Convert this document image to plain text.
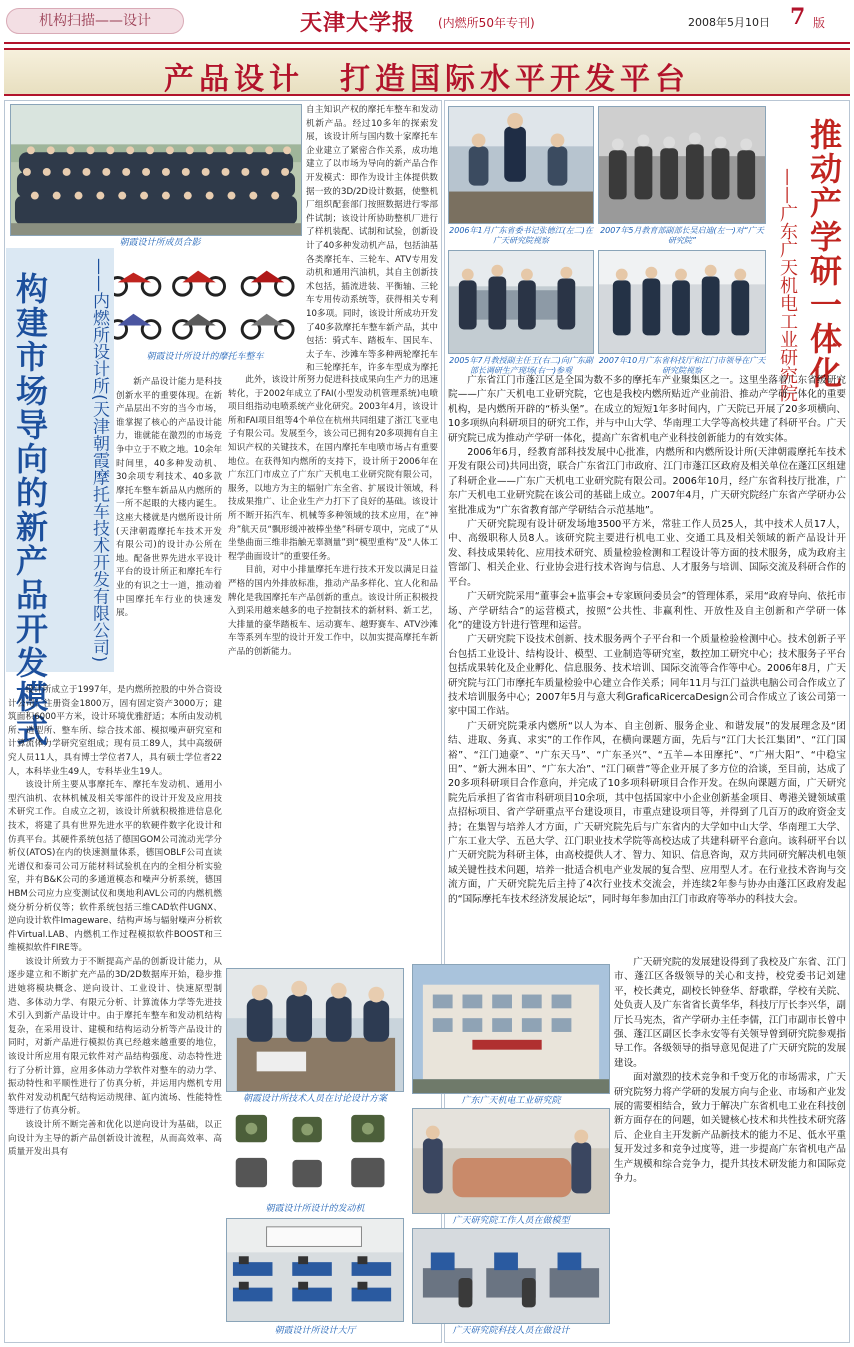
机构扫描——设计	天津大学报 (内燃所50年专刊)	2008年5月10日 7 版
产品设计 打造国际水平开发平台
朝霞设计所成员合影
朝霞设计所设计的摩托车整车
构建市场导向的新产品开发模式	——内燃所设计所(天津朝霞摩托车技术开发有限公司)	新产品设计能力是科技创新水平的重要体现。在新产品层出不穷的当今市场，谁掌握了核心的产品设计能力，谁就能在激烈的市场竞争中立于不败之地。10余年时间里，40多种发动机、30余项专利技术、40多款摩托车整车新品从内燃所的一所不起眼的大楼内诞生。这座大楼就是内燃所设计所(天津朝霞摩托车技术开发有限公司)的设计办公所在地。配备世界先进水平设计平台的设计所正和摩托车行业的有识之士一道，推动着中国摩托车行业的快速发展。

设计所成立于1997年，是内燃所控股的中外合资设计公司；注册资金1800万，固有固定资产3000万；建筑面积6000平方米，设计环境优雅舒适；本所由发动机所、造型所、整车所、综合技术部、模拟噪声研究室和计算流体力学研究室组成；现有员工89人，其中高级研究人员11人，具有博士学位者7人，具有硕士学位者22人，本科毕业生49人，专科毕业生19人。

该设计所主要从事摩托车、摩托车发动机、通用小型汽油机、农林机械及相关零部件的设计开发及应用技术研究工作。自成立之初，该设计所就积极推进信息化技术，将建了具有世界先进水平的软硬件数字化设计和仿真平台。其硬件系统包括了德国GOM公司流动光学分析仪(ATOS)在内的快速测量体系，德国OBLF公司直读光谱仪和泰司公司万能材料试验机在内的全相分析实验室，并有B&K公司的多通道模态和噪声分析系统，德国HBM公司应力应变测试仪和奥地利AVL公司的内燃机燃烧分析分析仪等；软件系统包括三维CAD软件UGNX、逆向设计软件Imageware、结构声场与辐射噪声分析软件Virtual.LAB、内燃机工作过程模拟软件BOOST和三维模拟软件FIRE等。

该设计所致力于不断提高产品的创新设计能力，从逐步建立和不断扩充产品的3D/2D数据库开始，稳步推进她将模块概念、逆向设计、工业设计、快速原型制造、多体动力学、有限元分析、计算流体力学等先进技术引入到新产品设计中。由于摩托车整车和发动机结构复杂，在采用设计、建模和结构运动分析等产品设计的同时，对新产品进行模拟仿真已经越来越重要的地位，该设计所应用有限元软件对产品结构强度、动态特性进行了分析计算，应用多体动力学软件对整车的动力学、振动特性和平顺性进行了仿真分析，并运用内燃机专用软件对发动机配气结构运动规律、缸内流场、性能特性等进行了仿真分析。

该设计所不断完善和优化以逆向设计为基础，以正向设计为主导的新产品创新设计流程，从而高效率、高质量开发出具有

自主知识产权的摩托车整车和发动机新产品。经过10多年的探索发展，该设计所与国内数十家摩托车企业建立了紧密合作关系，成功地建立了以市场为导向的新产品合作开发模式：即作为设计主体提供数据一致的3D/2D设计数据，使整机厂组织配套部门按照数据进行零部件试制；该设计所协助整机厂进行了样机装配、试制和试验，创新设计了40多种发动机产品，包括油基各类摩托车、三轮车、ATV专用发动机和通用汽油机，其自主创新技术包括，插流进装、平衡轴、三轮车专用传动系统等，获得相关专利10多项。同时，该设计所成功开发了40多款摩托车整车新产品，其中包括：骑式车、踏板车、国民车、太子车、沙滩车等多种两轮摩托车和三轮摩托车，许多车型成为摩托

此外，该设计所努力促进科技成果向生产力的迅速转化，于2002年成立了FAI(小型发动机管理系统)电喷项目组指动电喷系统产业化研究。2003年4月，该设计所和FAI项目组等4个单位在杭州共同组建了浙江飞亚电子有限公司。发展至今，该公司已拥有20多项拥有自主知识产权的关键技术，在国内摩托车电喷市场占有重要地位。在获得知内燃所的支持下，设计所于2006年在广东江门市成立了广东广天机电工业研究院有限公司，服务，以地方为主的辐射广东全省、扩展设计领域，科技成果推广、让企业生产力打下了良好的基础。该设计所不断开拓汽车、机械等多种领域的技术应用，在“神舟”航天员“飘形缓冲被棒坐垫”科研专项中，完成了“从坐垫曲面三维非指触无辜测量”到“模型重构”及“人体工程学曲面设计”的重要任务。

目前，对中小排量摩托车进行技术开发以满足日益严格的国内外排放标准，推动产品多样化、宜人化和品牌化是我国摩托车产品创新的重点。该设计所正积极投入到采用越来越多的电子控制技术的新材料、新工艺，大排量的豪华踏板车、运动赛车、越野赛车、ATV沙滩车等系列车型的设计开发工作中，以加实提高摩托车新产品的创新能力。

朝霞设计所技术人员在讨论设计方案
朝霞设计所设计的发动机
朝霞设计所设计大厅
2006年1月广东省委书记张德江(左二)在广天研究院视察
2007年5月教育部副部长吴启迪(左一)对“广天研究院”
2005年7月教授副主任王(右二)向广东副部长调研生产现场(右一)参观
2007年10月广东省科技厅和江门市领导在广天研究院视察	推动产学研一体化
——广东广天机电工业研究院

广东省江门市蓬江区是全国为数不多的摩托车产业聚集区之一。这里坐落着广东省级研究院——广东广天机电工业研究院，它也是我校内燃所贴近产业前沿、推动产学研一体化的重要机构，是内燃所开辟的“桥头堡”。在成立的短短1年多时间内，广天院已开展了20多项横向、10多项纵向科研项目的研究工作，并与中山大学、华南理工大学等高校共建了科研平台。广天研究院已成为推动产学研一体化，提高广东省机电产业科技创新能力的有效实体。

2006年6月，经教育部科技发展中心批准，内燃所和内燃所设计所(天津朝霞摩托车技术开发有限公司)共同出资，联合广东省江门市政府、江门市蓬江区政府及相关单位在蓬江区组建了科研企业——广东广天机电工业研究院有限公司。2006年10月，经广东省科技厅批准，广东广天机电工业研究院在该公司的基础上成立。2007年4月，广天研究院经广东省产学研办公室批准成为“广东省教育部产学研结合示范基地”。

广天研究院现有设计研发场地3500平方米，常驻工作人员25人，其中技术人员17人，中、高级职称人员8人。该研究院主要进行机电工业、交通工具及相关领域的新产品设计开发、科技成果转化、应用技术研究、质量检验检测和工程设计等方面的技术服务，成为政府主管部门、相关企业、行业协会进行技术咨询与信息、人才服务与培训、国际交流及科研合作的平台。

广天研究院采用“董事会+监事会+专家顾问委员会”的管理体系，采用“政府导向、依托市场、产学研结合”的运营模式，按照“公共性、非赢利性、开放性及自主创新和产学研一体化”的建设方针进行管理和运营。

广天研究院下设技术创新、技术服务两个子平台和一个质量检验检测中心。技术创新子平台包括工业设计、结构设计、模型、工业制造等研究室，数控加工研究中心；技术服务子平台包括成果转化及企业孵化、信息服务、技术培训、国际交流等合作等中心。2006年8月，广天研究院与江门市摩托车质量检验中心建立合作关系；同年11月与江门益洪电脑公司合作成立了技术培训服务中心；2007年5月与意大利GraficaRicercaDesign公司合作成立了该公司第一家中国工作站。

广天研究院秉承内燃所“以人为本、自主创新、服务企业、和谐发展”的发展理念及“团结、进取、务真、求实”的工作作风，在横向课题方面，先后与“江门大长江集团”、“江门国裕”、“江门迪豪”、“广东天马”、“广东圣兴”、“五羊—本田摩托”、“广州大阳”、“中稳宝田”、“新大洲本田”、“广东大冶”、“江门硕普”等企业开展了多方位的洽谈，至目前，达成了20多项科研项目合作意向，并完成了10多项科研项目合作开发。在纵向课题方面，广天研究院先后承担了省省市科研项目10余项，其中包括国家中小企业创新基金项目、粤港关键领域重点招标项目、省产学研重点平台建设项目，市重点建设项目等，并得到了几百万的政府资金支持；在集智与培养人才方面，广天研究院先后与广东省内的大学如中山大学、华南理工大学、广东工业大学、五邑大学、江门职业技术学院等高校达成了共建科研平台意向。该科研平台以广天研究院为科研主体，由高校提供人才、智力、知识、信息咨询，双方共同研究解决机电领域关键性技术问题，培养一批适合机电产业发展的复合型、应用型人才。在行业技术咨询与交流方面，广天研究院先后主持了4次行业技术交流会，并连续2年参与协办由蓬江区政府发起的“国际摩托车技术经济发展论坛”，同时每年参加由江门市政府等举办的科技大会。

广天研究院的发展建设得到了我校及广东省、江门市、蓬江区各级领导的关心和支持，校党委书记刘建平，校长龚克，副校长钟登华、舒歌群，学校有关院、处负责人及广东省省长黄华华，科技厅厅长李兴华，副厅长马宪杰，省产学研办主任李儒，江门市副市长曾中强、蓬江区副区长李永安等有关领导曾到研究院参观指导工作。各级领导的指导意见促进了广天研究院的发展建设。

面对激烈的技术竞争和千变万化的市场需求，广天研究院努力将产学研的发展方向与企业、市场和产业发展的需要相结合，致力于解决广东省机电工业在科技创新方面存在的问题，如关键核心技术和共性技术研究落后、企业自主开发新产品新技术的能力不足、低水平重复开发过多和竞争过度等，进一步提高广东省机电产品生产规模和综合竞争力，提升其技术研发能力和国际竞争力。

广东广天机电工业研究院
广天研究院工作人员在做模型
广天研究院科技人员在做设计
